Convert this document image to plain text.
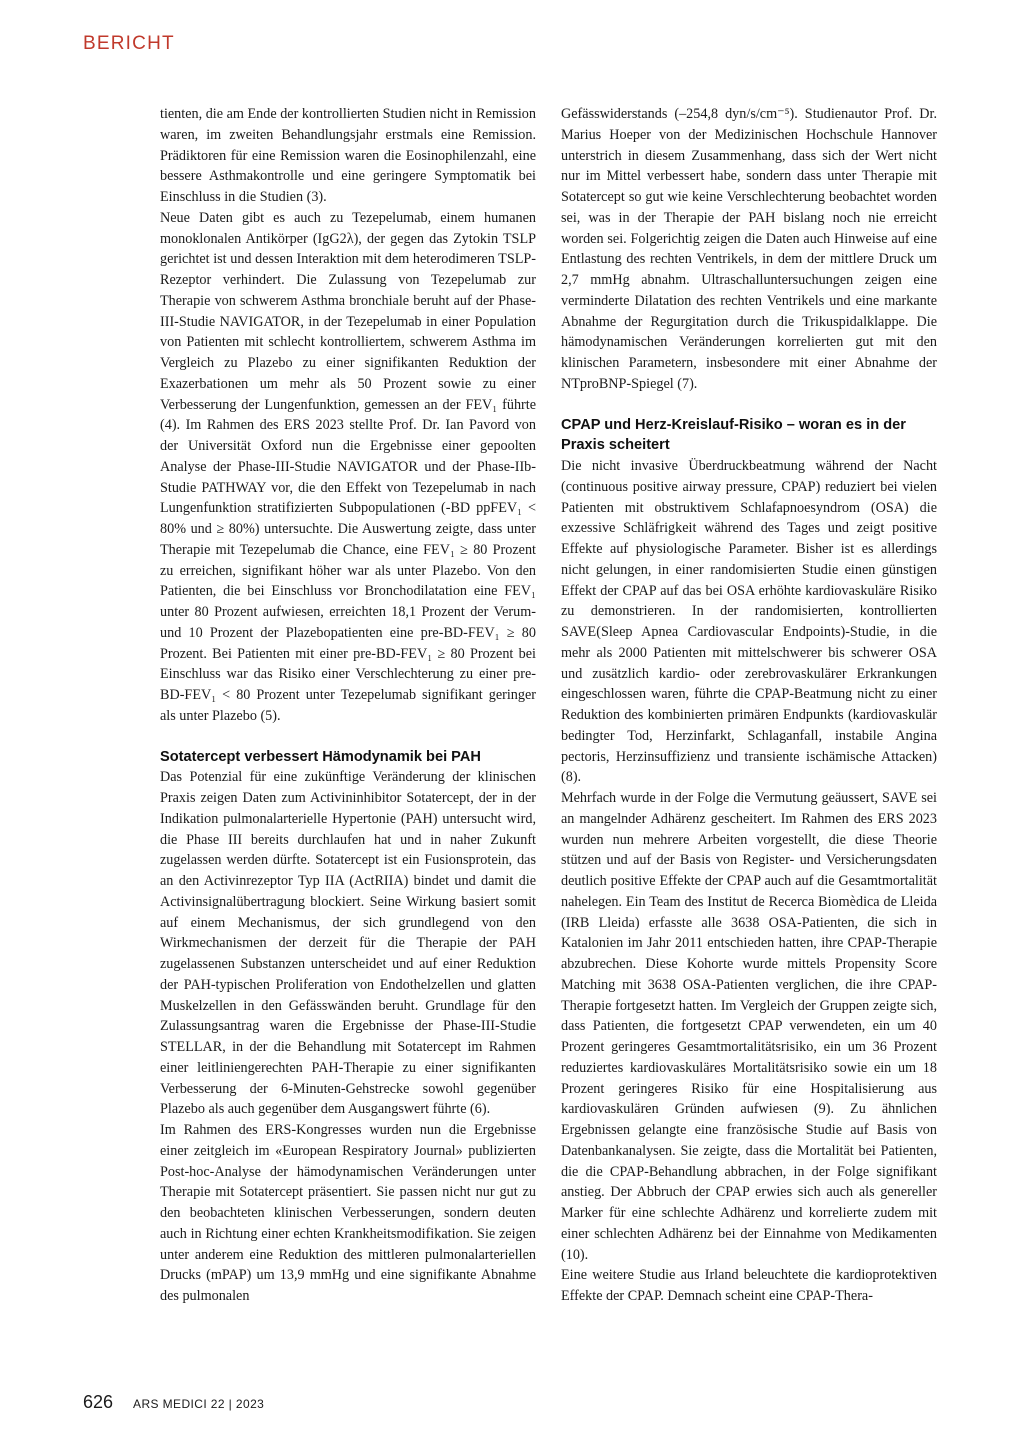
BERICHT

tienten, die am Ende der kontrollierten Studien nicht in Remission waren, im zweiten Behandlungsjahr erstmals eine Remission. Prädiktoren für eine Remission waren die Eosinophilenzahl, eine bessere Asthmakontrolle und eine geringere Symptomatik bei Einschluss in die Studien (3).

Neue Daten gibt es auch zu Tezepelumab, einem humanen monoklonalen Antikörper (IgG2λ), der gegen das Zytokin TSLP gerichtet ist und dessen Interaktion mit dem heterodimeren TSLP-Rezeptor verhindert. Die Zulassung von Tezepelumab zur Therapie von schwerem Asthma bronchiale beruht auf der Phase-III-Studie NAVIGATOR, in der Tezepelumab in einer Population von Patienten mit schlecht kontrolliertem, schwerem Asthma im Vergleich zu Plazebo zu einer signifikanten Reduktion der Exazerbationen um mehr als 50 Prozent sowie zu einer Verbesserung der Lungenfunktion, gemessen an der FEV₁ führte (4). Im Rahmen des ERS 2023 stellte Prof. Dr. Ian Pavord von der Universität Oxford nun die Ergebnisse einer gepoolten Analyse der Phase-III-Studie NAVIGATOR und der Phase-IIb-Studie PATHWAY vor, die den Effekt von Tezepelumab in nach Lungenfunktion stratifizierten Subpopulationen (-BD ppFEV₁ < 80% und ≥ 80%) untersuchte. Die Auswertung zeigte, dass unter Therapie mit Tezepelumab die Chance, eine FEV₁ ≥ 80 Prozent zu erreichen, signifikant höher war als unter Plazebo. Von den Patienten, die bei Einschluss vor Bronchodilatation eine FEV₁ unter 80 Prozent aufwiesen, erreichten 18,1 Prozent der Verum- und 10 Prozent der Plazebopatienten eine pre-BD-FEV₁ ≥ 80 Prozent. Bei Patienten mit einer pre-BD-FEV₁ ≥ 80 Prozent bei Einschluss war das Risiko einer Verschlechterung zu einer pre-BD-FEV₁ < 80 Prozent unter Tezepelumab signifikant geringer als unter Plazebo (5).

Sotatercept verbessert Hämodynamik bei PAH

Das Potenzial für eine zukünftige Veränderung der klinischen Praxis zeigen Daten zum Activininhibitor Sotatercept, der in der Indikation pulmonalarterielle Hypertonie (PAH) untersucht wird, die Phase III bereits durchlaufen hat und in naher Zukunft zugelassen werden dürfte. Sotatercept ist ein Fusionsprotein, das an den Activinrezeptor Typ IIA (ActRIIA) bindet und damit die Activinsignalübertragung blockiert. Seine Wirkung basiert somit auf einem Mechanismus, der sich grundlegend von den Wirkmechanismen der derzeit für die Therapie der PAH zugelassenen Substanzen unterscheidet und auf einer Reduktion der PAH-typischen Proliferation von Endothelzellen und glatten Muskelzellen in den Gefässwänden beruht. Grundlage für den Zulassungsantrag waren die Ergebnisse der Phase-III-Studie STELLAR, in der die Behandlung mit Sotatercept im Rahmen einer leitliniengerechten PAH-Therapie zu einer signifikanten Verbesserung der 6-Minuten-Gehstrecke sowohl gegenüber Plazebo als auch gegenüber dem Ausgangswert führte (6).

Im Rahmen des ERS-Kongresses wurden nun die Ergebnisse einer zeitgleich im «European Respiratory Journal» publizierten Post-hoc-Analyse der hämodynamischen Veränderungen unter Therapie mit Sotatercept präsentiert. Sie passen nicht nur gut zu den beobachteten klinischen Verbesserungen, sondern deuten auch in Richtung einer echten Krankheitsmodifikation. Sie zeigen unter anderem eine Reduktion des mittleren pulmonalarteriellen Drucks (mPAP) um 13,9 mmHg und eine signifikante Abnahme des pulmonalen

Gefässwiderstands (–254,8 dyn/s/cm⁻⁵). Studienautor Prof. Dr. Marius Hoeper von der Medizinischen Hochschule Hannover unterstrich in diesem Zusammenhang, dass sich der Wert nicht nur im Mittel verbessert habe, sondern dass unter Therapie mit Sotatercept so gut wie keine Verschlechterung beobachtet worden sei, was in der Therapie der PAH bislang noch nie erreicht worden sei. Folgerichtig zeigen die Daten auch Hinweise auf eine Entlastung des rechten Ventrikels, in dem der mittlere Druck um 2,7 mmHg abnahm. Ultraschalluntersuchungen zeigen eine verminderte Dilatation des rechten Ventrikels und eine markante Abnahme der Regurgitation durch die Trikuspidalklappe. Die hämodynamischen Veränderungen korrelierten gut mit den klinischen Parametern, insbesondere mit einer Abnahme der NTproBNP-Spiegel (7).

CPAP und Herz-Kreislauf-Risiko – woran es in der Praxis scheitert

Die nicht invasive Überdruckbeatmung während der Nacht (continuous positive airway pressure, CPAP) reduziert bei vielen Patienten mit obstruktivem Schlafapnoesyndrom (OSA) die exzessive Schläfrigkeit während des Tages und zeigt positive Effekte auf physiologische Parameter. Bisher ist es allerdings nicht gelungen, in einer randomisierten Studie einen günstigen Effekt der CPAP auf das bei OSA erhöhte kardiovaskuläre Risiko zu demonstrieren. In der randomisierten, kontrollierten SAVE(Sleep Apnea Cardiovascular Endpoints)-Studie, in die mehr als 2000 Patienten mit mittelschwerer bis schwerer OSA und zusätzlich kardio- oder zerebrovaskulärer Erkrankungen eingeschlossen waren, führte die CPAP-Beatmung nicht zu einer Reduktion des kombinierten primären Endpunkts (kardiovaskulär bedingter Tod, Herzinfarkt, Schlaganfall, instabile Angina pectoris, Herzinsuffizienz und transiente ischämische Attacken) (8).

Mehrfach wurde in der Folge die Vermutung geäussert, SAVE sei an mangelnder Adhärenz gescheitert. Im Rahmen des ERS 2023 wurden nun mehrere Arbeiten vorgestellt, die diese Theorie stützen und auf der Basis von Register- und Versicherungsdaten deutlich positive Effekte der CPAP auch auf die Gesamtmortalität nahelegen. Ein Team des Institut de Recerca Biomèdica de Lleida (IRB Lleida) erfasste alle 3638 OSA-Patienten, die sich in Katalonien im Jahr 2011 entschieden hatten, ihre CPAP-Therapie abzubrechen. Diese Kohorte wurde mittels Propensity Score Matching mit 3638 OSA-Patienten verglichen, die ihre CPAP-Therapie fortgesetzt hatten. Im Vergleich der Gruppen zeigte sich, dass Patienten, die fortgesetzt CPAP verwendeten, ein um 40 Prozent geringeres Gesamtmortalitätsrisiko, ein um 36 Prozent reduziertes kardiovaskuläres Mortalitätsrisiko sowie ein um 18 Prozent geringeres Risiko für eine Hospitalisierung aus kardiovaskulären Gründen aufwiesen (9). Zu ähnlichen Ergebnissen gelangte eine französische Studie auf Basis von Datenbankanalysen. Sie zeigte, dass die Mortalität bei Patienten, die die CPAP-Behandlung abbrachen, in der Folge signifikant anstieg. Der Abbruch der CPAP erwies sich auch als genereller Marker für eine schlechte Adhärenz und korrelierte zudem mit einer schlechten Adhärenz bei der Einnahme von Medikamenten (10).

Eine weitere Studie aus Irland beleuchtete die kardioprotektiven Effekte der CPAP. Demnach scheint eine CPAP-Thera-

626 ARS MEDICI 22 | 2023
